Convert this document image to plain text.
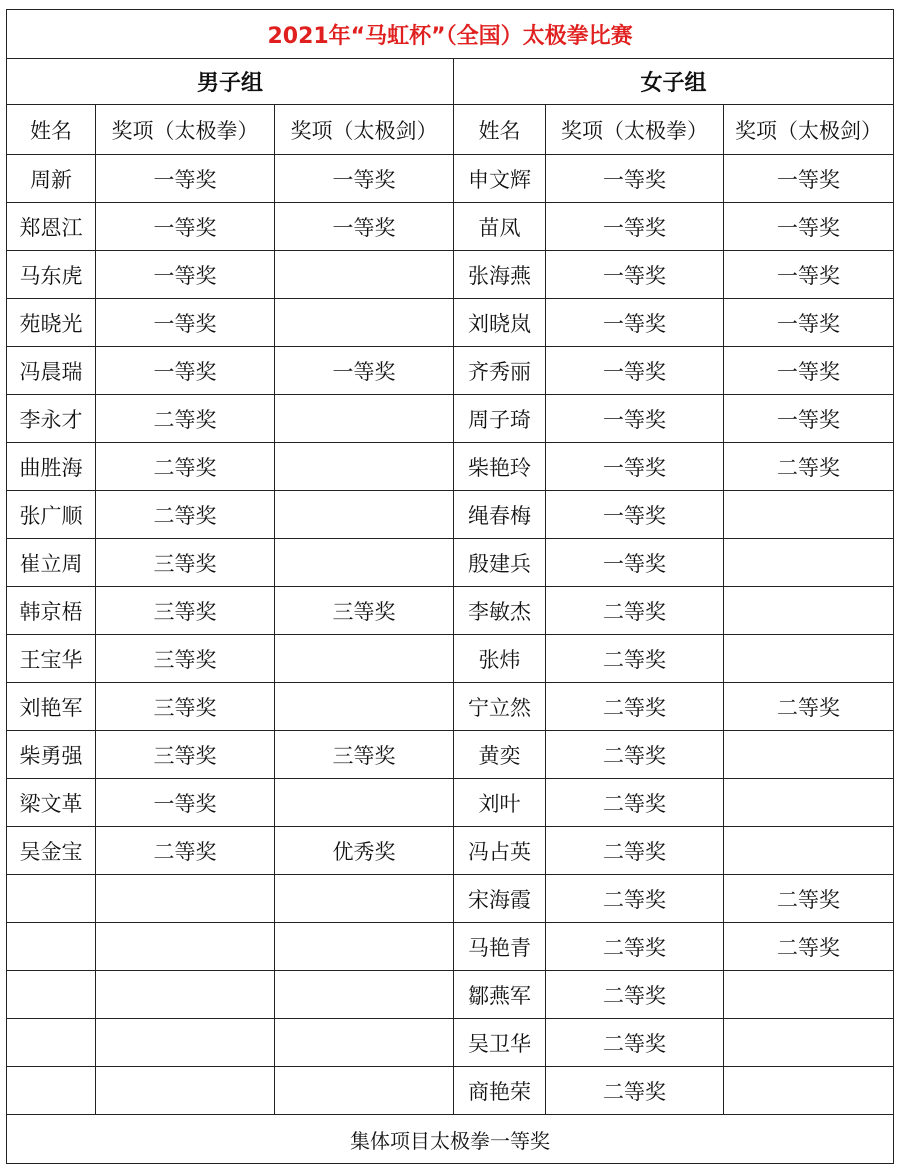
2021年“马虹杯”（全国）太极拳比赛					
男子组			女子组		
姓名	奖项（太极拳）	奖项（太极剑）	姓名	奖项（太极拳）	奖项（太极剑）
周新	一等奖	一等奖	申文辉	一等奖	一等奖
郑恩江	一等奖	一等奖	苗凤	一等奖	一等奖
马东虎	一等奖		张海燕	一等奖	一等奖
苑晓光	一等奖		刘晓岚	一等奖	一等奖
冯晨瑞	一等奖	一等奖	齐秀丽	一等奖	一等奖
李永才	二等奖		周子琦	一等奖	一等奖
曲胜海	二等奖		柴艳玲	一等奖	二等奖
张广顺	二等奖		绳春梅	一等奖	
崔立周	三等奖		殷建兵	一等奖	
韩京梧	三等奖	三等奖	李敏杰	二等奖	
王宝华	三等奖		张炜	二等奖	
刘艳军	三等奖		宁立然	二等奖	二等奖
柴勇强	三等奖	三等奖	黄奕	二等奖	
梁文革	一等奖		刘叶	二等奖	
吴金宝	二等奖	优秀奖	冯占英	二等奖	
			宋海霞	二等奖	二等奖
			马艳青	二等奖	二等奖
			鄒燕军	二等奖	
			吴卫华	二等奖	
			商艳荣	二等奖	
集体项目太极拳一等奖					
